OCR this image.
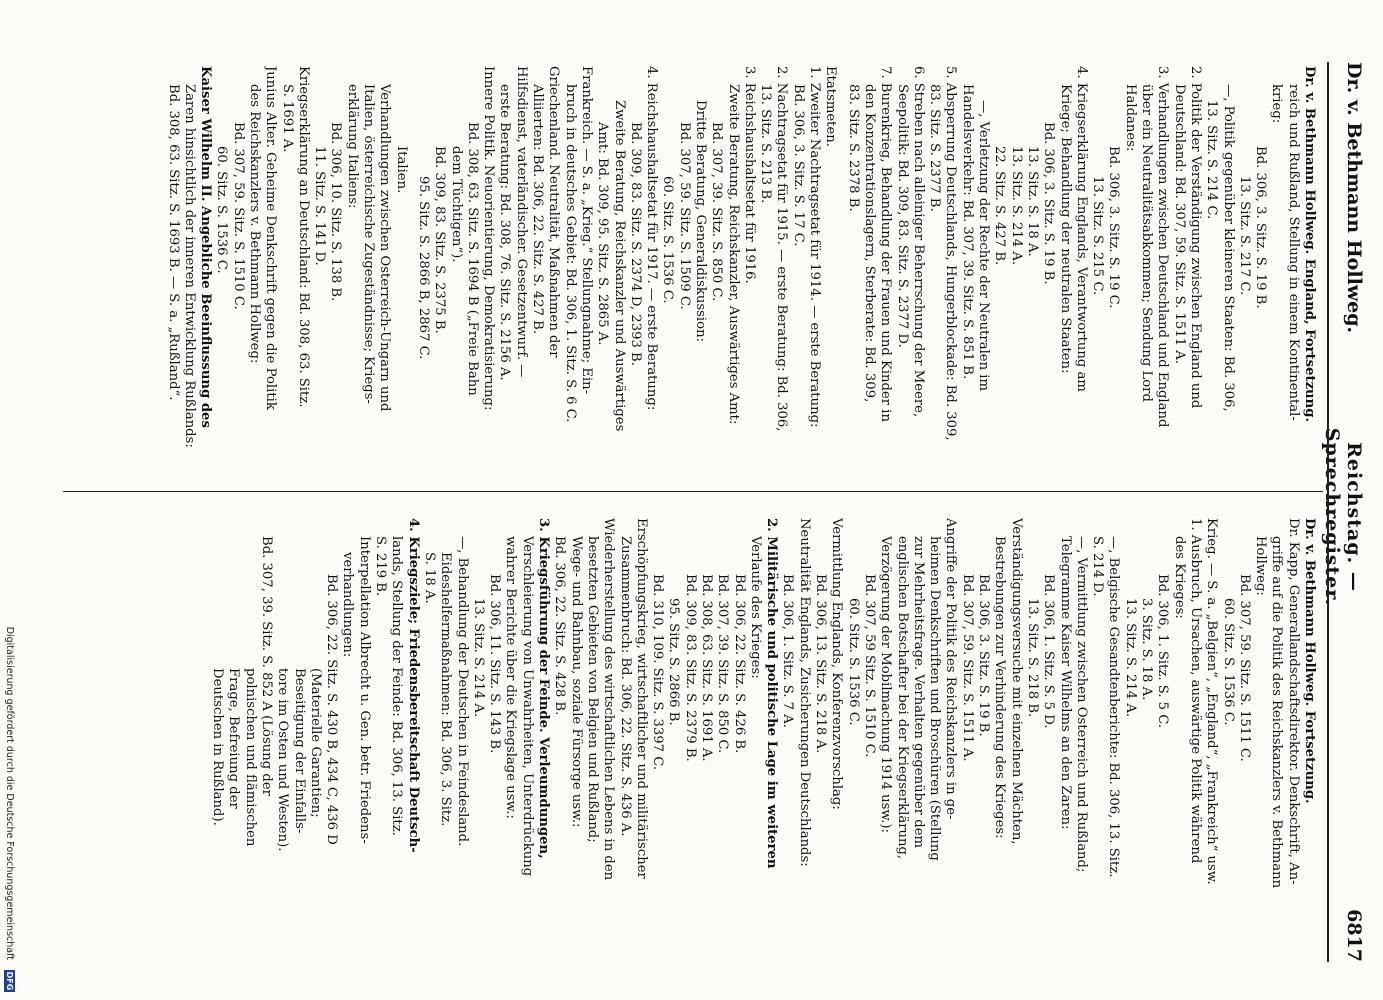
Dr. v. Bethmann Hollweg.
Reichstag. — Sprechregister.
6817
Dr. v. Bethmann Hollweg. England, Fortsetzung.
reich und Rußland, Stellung in einem Kontinental-
krieg:
Bd. 306, 3. Sitz. S. 19 B.
13. Sitz. S. 217 C.
—, Politik gegenüber kleineren Staaten: Bd. 306,
13. Sitz. S. 214 C.
2. Politik der Verständigung zwischen England und
Deutschland: Bd. 307, 59. Sitz. S. 1511 A.
3. Verhandlungen zwischen Deutschland und England
über ein Neutralitätsabkommen; Sendung Lord
Haldanes:
Bd. 306, 3. Sitz. S. 19 C.
13. Sitz. S. 215 C.
4. Kriegserklärung Englands, Verantwortung am
Kriege; Behandlung der neutralen Staaten:
Bd. 306, 3. Sitz. S. 19 B.
13. Sitz. S. 18 A.
13. Sitz. S. 214 A.
22. Sitz. S. 427 B.
—, Verletzung der Rechte der Neutralen im
Handelsverkehr: Bd. 307, 39. Sitz. S. 851 B.
5. Absperrung Deutschlands, Hungerblockade: Bd. 309,
83. Sitz. S. 2377 B.
6. Streben nach alleiniger Beherrschung der Meere,
Seepolitik: Bd. 309, 83. Sitz. S. 2377 D.
7. Burenkrieg, Behandlung der Frauen und Kinder in
den Konzentrationslagern, Sterberate: Bd. 309,
83. Sitz. S. 2378 B.
Etatsmeten.
1. Zweiter Nachtragsetat für 1914. — erste Beratung:
Bd. 306, 3. Sitz. S. 17 C.
2. Nachtragsetat für 1915. — erste Beratung: Bd. 306,
13. Sitz. S. 213 B.
3. Reichshaushaltsetat für 1916.
Zweite Beratung, Reichskanzler, Auswärtiges Amt:
Bd. 307, 39. Sitz. S. 850 C.
Dritte Beratung, Generaldiskussion:
Bd. 307, 59. Sitz. S. 1509 C.
60. Sitz. S. 1536 C.
4. Reichshaushaltsetat für 1917. — erste Beratung:
Bd. 309, 83. Sitz. S. 2374 D, 2393 B.
Zweite Beratung, Reichskanzler und Auswärtiges
Amt: Bd. 309, 95. Sitz. S. 2865 A.
Frankreich. — S. a. „Krieg.“ Stellungnahme; Ein-
bruch in deutsches Gebiet: Bd. 306, 1. Sitz. S. 6 C.
Griechenland. Neutralität, Maßnahmen der
Alliierten: Bd. 306, 22. Sitz. S. 427 B.
Hilfsdienst, vaterländischer. Gesetzentwurf. —
erste Beratung: Bd. 308, 76. Sitz. S. 2156 A.
Innere Politik. Neuorientierung, Demokratisierung:
Bd. 308, 63. Sitz. S. 1694 B („Freie Bahn
dem Tüchtigen“).
Bd. 309, 83. Sitz. S. 2375 B.
95. Sitz. S. 2866 B, 2867 C.
Italien.
Verhandlungen zwischen Österreich-Ungarn und
Italien, österreichische Zugeständnisse; Kriegs-
erklärung Italiens:
Bd. 306, 10. Sitz. S. 138 B.
11. Sitz. S. 141 D.
Kriegserklärung an Deutschland: Bd. 308, 63. Sitz.
S. 1691 A.
Junius Alter. Geheime Denkschrift gegen die Politik
des Reichskanzlers v. Bethmann Hollweg:
Bd. 307, 59. Sitz. S. 1510 C.
60. Sitz. S. 1536 C.
Kaiser Wilhelm II. Angebliche Beeinflussung des
Zaren hinsichtlich der inneren Entwicklung Rußlands:
Bd. 308, 63. Sitz. S. 1693 B. — S. a. „Rußland“.
Dr. v. Bethmann Hollweg. Fortsetzung.
Dr. Kapp, Generallandschaftsdirektor. Denkschrift, An-
griffe auf die Politik des Reichskanzlers v. Bethmann
Hollweg:
Bd. 307, 59. Sitz. S. 1511 C.
60. Sitz. S. 1536 C.
Krieg. — S. a. „Belgien“, „England“, „Frankreich“ usw.
1. Ausbruch, Ursachen, auswärtige Politik während
des Krieges:
Bd. 306, 1. Sitz. S. 5 C.
3. Sitz. S. 18 A.
13. Sitz. S. 214 A.
—, Belgische Gesandtenberichte: Bd. 306, 13. Sitz.
S. 214 D.
—, Vermittlung zwischen Österreich und Rußland;
Telegramme Kaiser Wilhelms an den Zaren:
Bd. 306, 1. Sitz. S. 5 D.
13. Sitz. S. 218 B.
Verständigungsversuche mit einzelnen Mächten,
Bestrebungen zur Verhinderung des Krieges:
Bd. 306, 3. Sitz. S. 19 B.
Bd. 307, 59. Sitz. S. 1511 A.
Angriffe der Politik des Reichskanzlers in ge-
heimen Denkschriften und Broschüren (Stellung
zur Mehrheitsfrage. Verhalten gegenüber dem
englischen Botschafter bei der Kriegserklärung,
Verzögerung der Mobilmachung 1914 usw.):
Bd. 307, 59 Sitz. S. 1510 C.
60. Sitz. S. 1536 C.
Vermittlung Englands, Konferenzvorschlag:
Bd. 306, 13. Sitz. S. 218 A.
Neutralität Englands, Zusicherungen Deutschlands:
Bd. 306, 1. Sitz. S. 7 A.
2. Militärische und politische Lage im weiteren
Verlaufe des Krieges:
Bd. 306, 22. Sitz. S. 426 B.
Bd. 307, 39. Sitz. S. 850 C.
Bd. 308, 63. Sitz. S. 1691 A.
Bd. 309, 83. Sitz. S. 2379 B.
95. Sitz. S. 2866 B.
Bd. 310, 109. Sitz. S. 3397 C.
Erschöpfungskrieg, wirtschaftlicher und militärischer
Zusammenbruch: Bd. 306, 22. Sitz. S. 436 A.
Wiederherstellung des wirtschaftlichen Lebens in den
besetzten Gebieten von Belgien und Rußland;
Wege- und Bahnbau, soziale Fürsorge usw.:
Bd. 306, 22. Sitz. S. 428 B.
3. Kriegsführung der Feinde. Verleumdungen,
Verschleierung von Unwahrheiten, Unterdrückung
wahrer Berichte über die Kriegslage usw.:
Bd. 306, 11. Sitz. S. 143 B.
13. Sitz. S. 214 A.
—, Behandlung der Deutschen in Feindesland.
Eideshelfermaßnahmen: Bd. 306, 3. Sitz.
S. 18 A.
4. Kriegsziele; Friedensbereitschaft Deutsch-
lands, Stellung der Feinde: Bd. 306, 13. Sitz.
S. 219 B.
Interpellation Albrecht u. Gen. betr. Friedens-
verhandlungen:
Bd. 306, 22. Sitz. S. 430 B, 434 C, 436 D
(Materielle Garantien;
Beseitigung der Einfalls-
tore im Osten und Westen).
Bd. 307, 39. Sitz. S. 852 A (Lösung der
polnischen und flämischen
Frage, Befreiung der
Deutschen in Rußland).
Digitalisierung gefördert durch die Deutsche Forschungsgemeinschaft
DFG
